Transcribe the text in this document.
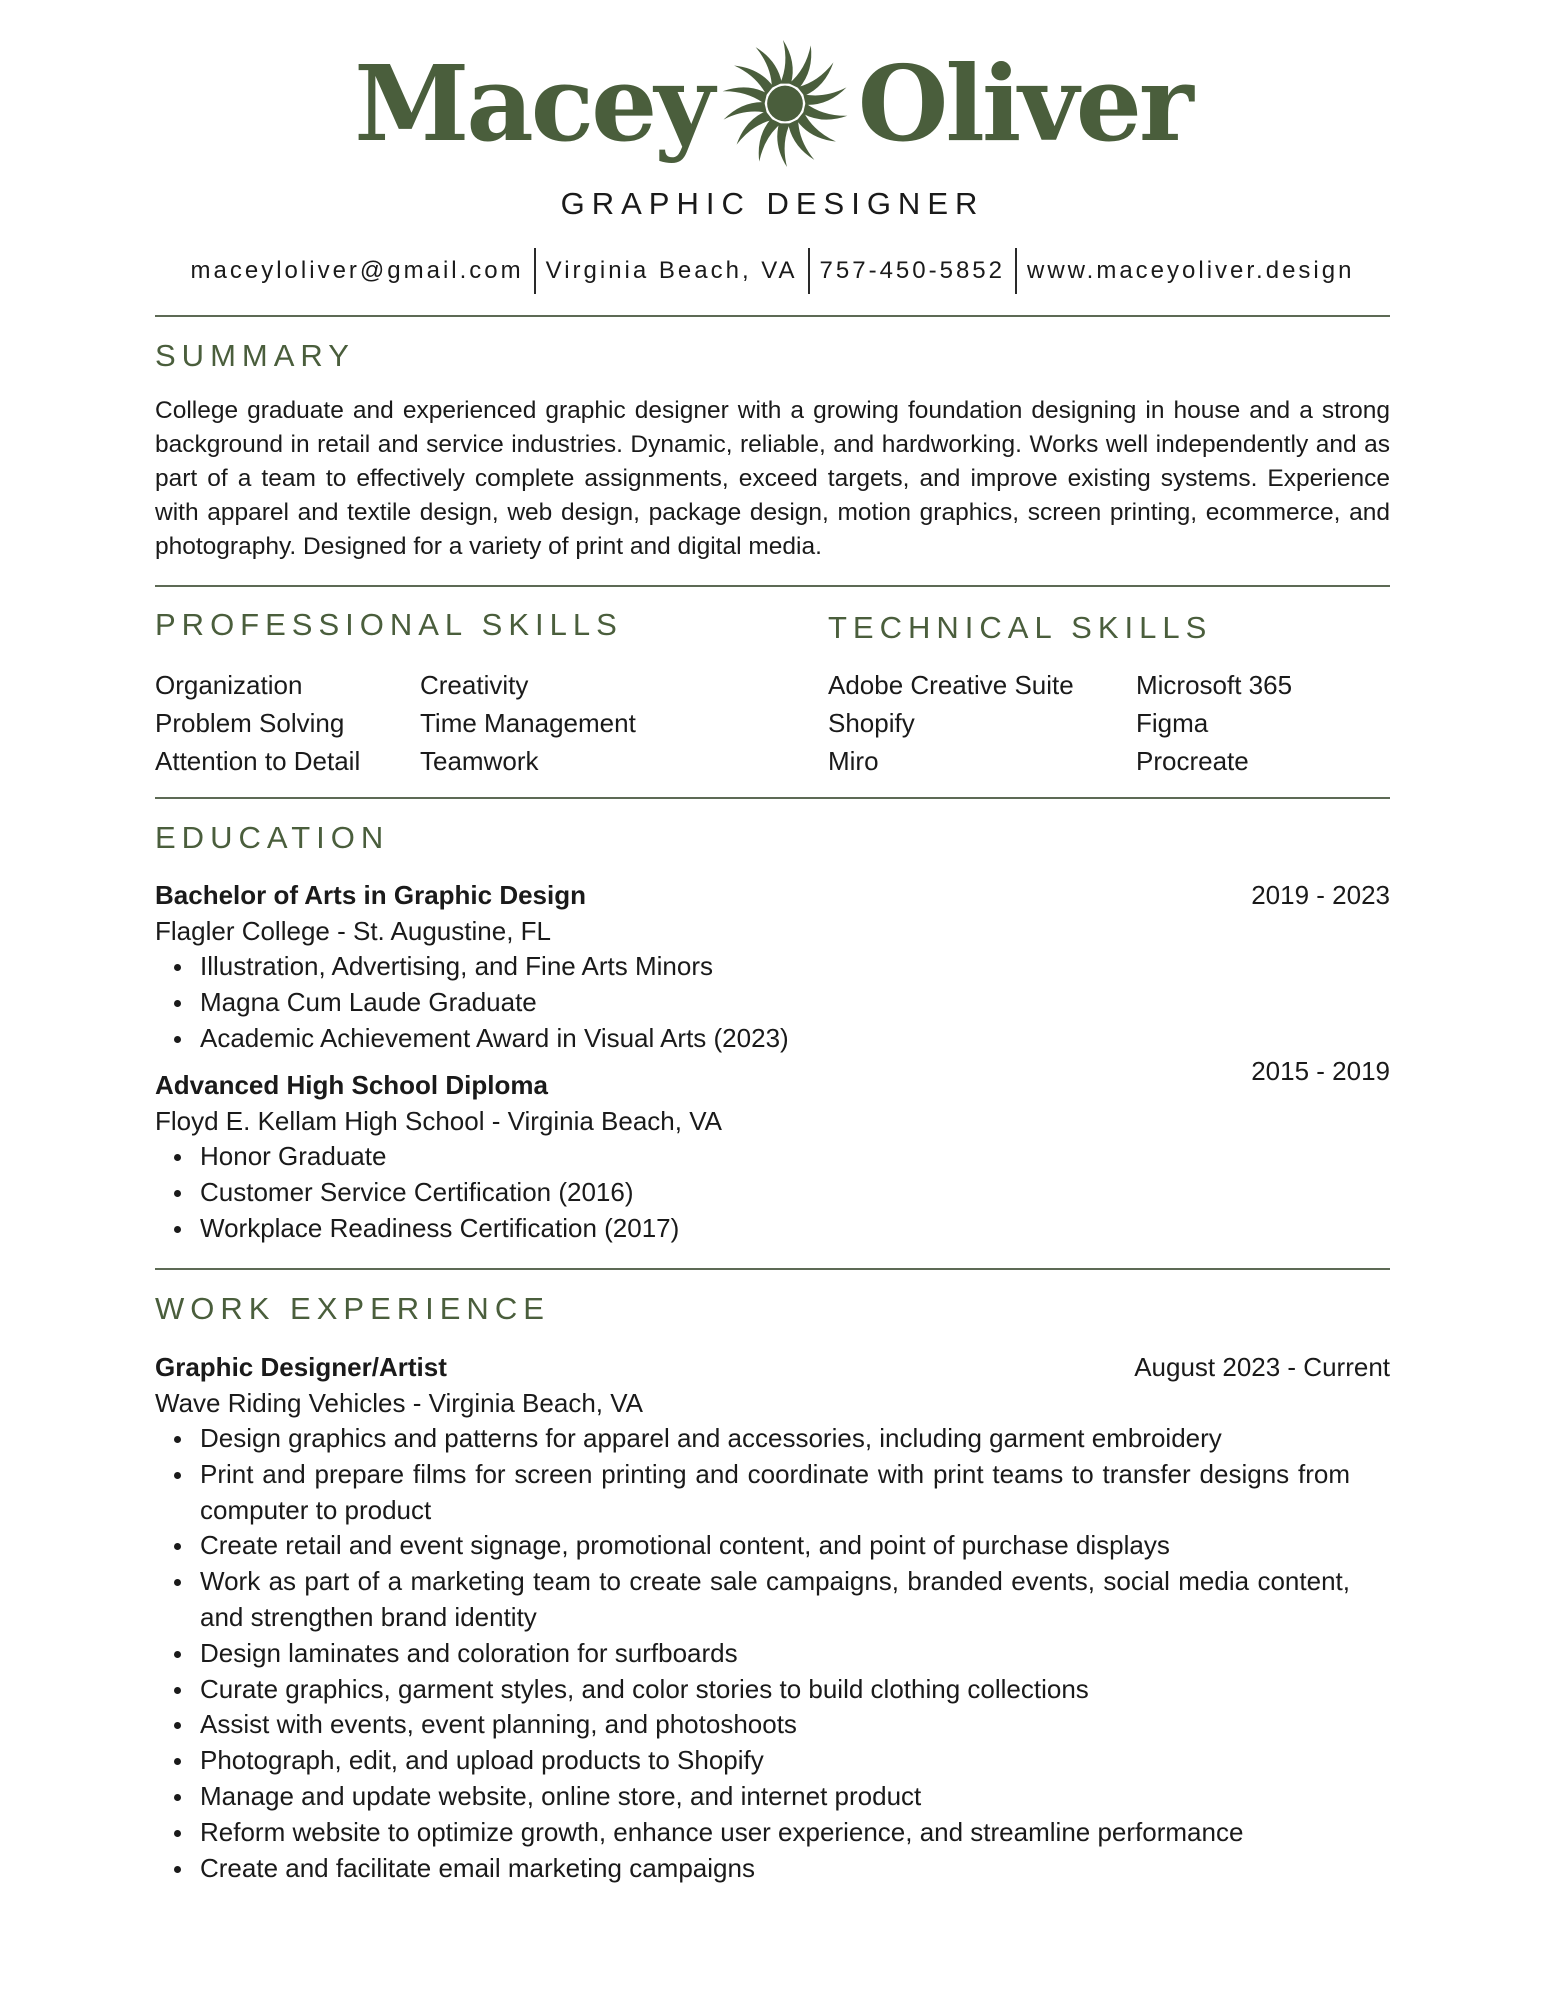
Macey Oliver
GRAPHIC DESIGNER
maceyloliver@gmail.com Virginia Beach, VA 757-450-5852 www.maceyoliver.design
SUMMARY
College graduate and experienced graphic designer with a growing foundation designing in house and a strong background in retail and service industries. Dynamic, reliable, and hardworking. Works well independently and as part of a team to effectively complete assignments, exceed targets, and improve existing systems. Experience with apparel and textile design, web design, package design, motion graphics, screen printing, ecommerce, and photography. Designed for a variety of print and digital media.
PROFESSIONAL SKILLS	TECHNICAL SKILLS
Organization	Creativity
Problem Solving	Time Management
Attention to Detail	Teamwork
Adobe Creative Suite	Microsoft 365
Shopify	Figma
Miro	Procreate
EDUCATION
Bachelor of Arts in Graphic Design	2019 - 2023
Flagler College - St. Augustine, FL
Illustration, Advertising, and Fine Arts Minors
Magna Cum Laude Graduate
Academic Achievement Award in Visual Arts (2023)
Advanced High School Diploma	2015 - 2019
Floyd E. Kellam High School - Virginia Beach, VA
Honor Graduate
Customer Service Certification (2016)
Workplace Readiness Certification (2017)
WORK EXPERIENCE
Graphic Designer/Artist	August 2023 - Current
Wave Riding Vehicles - Virginia Beach, VA
Design graphics and patterns for apparel and accessories, including garment embroidery
Print and prepare films for screen printing and coordinate with print teams to transfer designs from computer to product
Create retail and event signage, promotional content, and point of purchase displays
Work as part of a marketing team to create sale campaigns, branded events, social media content, and strengthen brand identity
Design laminates and coloration for surfboards
Curate graphics, garment styles, and color stories to build clothing collections
Assist with events, event planning, and photoshoots
Photograph, edit, and upload products to Shopify
Manage and update website, online store, and internet product
Reform website to optimize growth, enhance user experience, and streamline performance
Create and facilitate email marketing campaigns
